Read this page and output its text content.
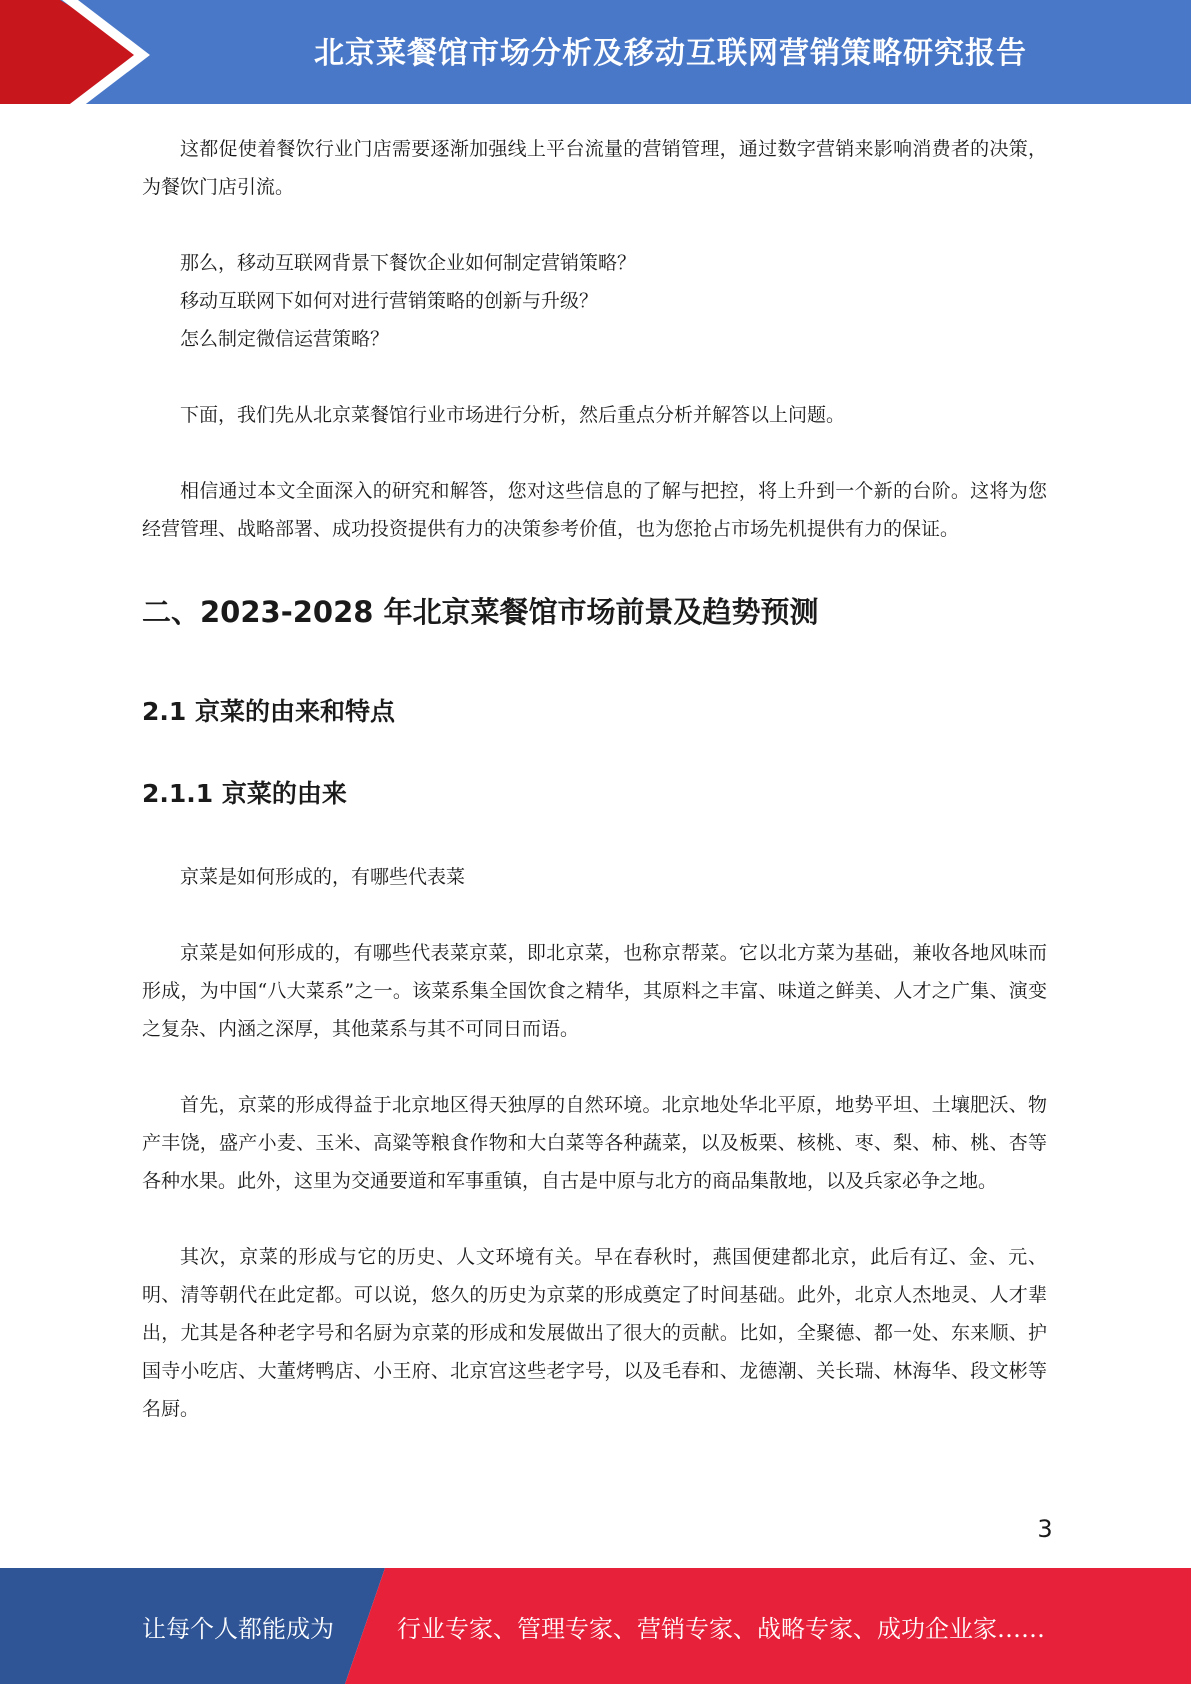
北京菜餐馆市场分析及移动互联网营销策略研究报告

这都促使着餐饮行业门店需要逐渐加强线上平台流量的营销管理，通过数字营销来影响消费者的决策，为餐饮门店引流。

那么，移动互联网背景下餐饮企业如何制定营销策略？

移动互联网下如何对进行营销策略的创新与升级？

怎么制定微信运营策略？

下面，我们先从北京菜餐馆行业市场进行分析，然后重点分析并解答以上问题。

相信通过本文全面深入的研究和解答，您对这些信息的了解与把控，将上升到一个新的台阶。这将为您经营管理、战略部署、成功投资提供有力的决策参考价值，也为您抢占市场先机提供有力的保证。

二、2023-2028 年北京菜餐馆市场前景及趋势预测
2.1 京菜的由来和特点
2.1.1 京菜的由来

京菜是如何形成的，有哪些代表菜

京菜是如何形成的，有哪些代表菜京菜，即北京菜，也称京帮菜。它以北方菜为基础，兼收各地风味而形成，为中国“八大菜系”之一。该菜系集全国饮食之精华，其原料之丰富、味道之鲜美、人才之广集、演变之复杂、内涵之深厚，其他菜系与其不可同日而语。

首先，京菜的形成得益于北京地区得天独厚的自然环境。北京地处华北平原，地势平坦、土壤肥沃、物产丰饶，盛产小麦、玉米、高粱等粮食作物和大白菜等各种蔬菜，以及板栗、核桃、枣、梨、柿、桃、杏等各种水果。此外，这里为交通要道和军事重镇，自古是中原与北方的商品集散地，以及兵家必争之地。

其次，京菜的形成与它的历史、人文环境有关。早在春秋时，燕国便建都北京，此后有辽、金、元、明、清等朝代在此定都。可以说，悠久的历史为京菜的形成奠定了时间基础。此外，北京人杰地灵、人才辈出，尤其是各种老字号和名厨为京菜的形成和发展做出了很大的贡献。比如，全聚德、都一处、东来顺、护国寺小吃店、大董烤鸭店、小王府、北京宫这些老字号，以及毛春和、龙德潮、关长瑞、林海华、段文彬等名厨。

3
让每个人都能成为	行业专家、管理专家、营销专家、战略专家、成功企业家……
